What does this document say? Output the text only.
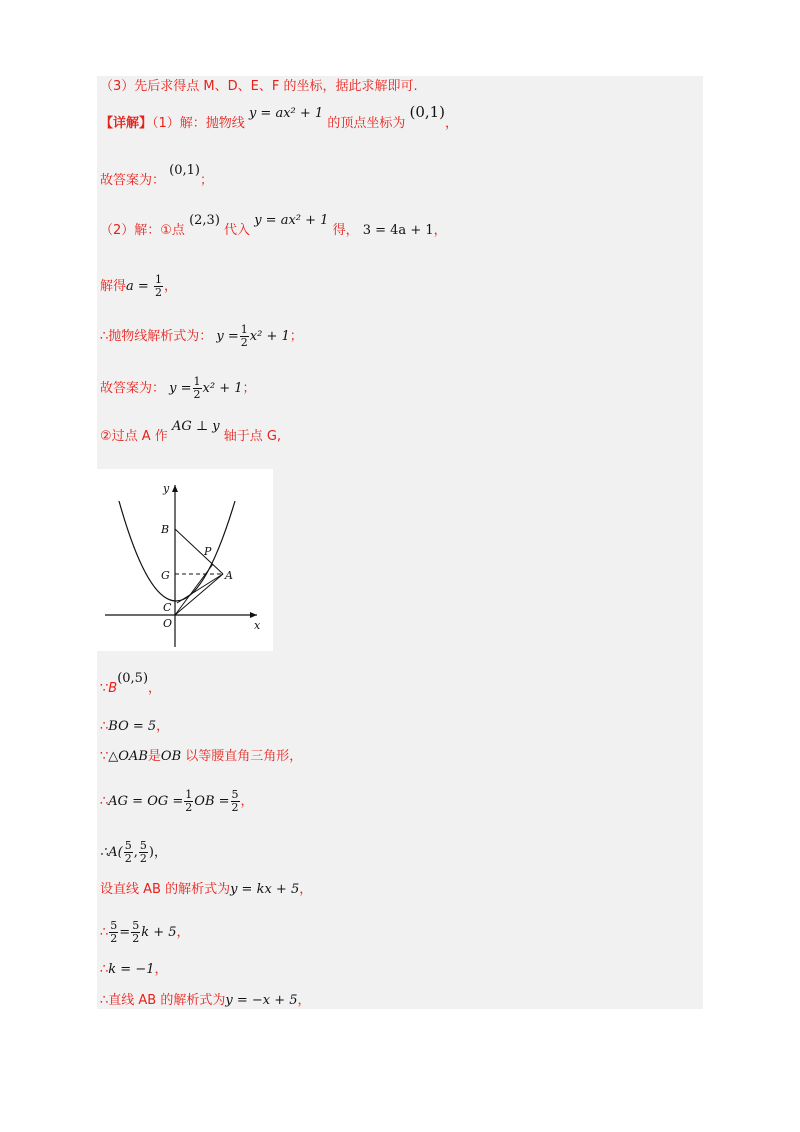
（3）先后求得点 M、D、E、F 的坐标，据此求解即可.
【详解】（1）解：抛物线 y = ax² + 1 的顶点坐标为 (0,1)，
故答案为： (0,1)；
（2）解：①点 (2,3) 代入 y = ax² + 1 得， 3 = 4a + 1，
解得$a = \frac{1}{2}$ ，
∴抛物线解析式为： $y = \frac{1}{2} x^2 + 1$；
故答案为： $y = \frac{1}{2} x^2 + 1$；
②过点 A 作 AG ⊥ y 轴于点 G,
y
x
B
P
G	A
C
O
∵B(0,5)，
∴BO = 5，
∵△OAB是OB 以等腰直角三角形，
∴AG = OG = $\frac{1}{2}$ OB = $\frac{5}{2}$ ，
∴A( $\frac{5}{2}$ , $\frac{5}{2}$ )，
设直线 AB 的解析式为y = kx + 5，
∴ $\frac{5}{2} = \frac{5}{2}$ k + 5，
∴k = −1，
∴直线 AB 的解析式为y = −x + 5，
